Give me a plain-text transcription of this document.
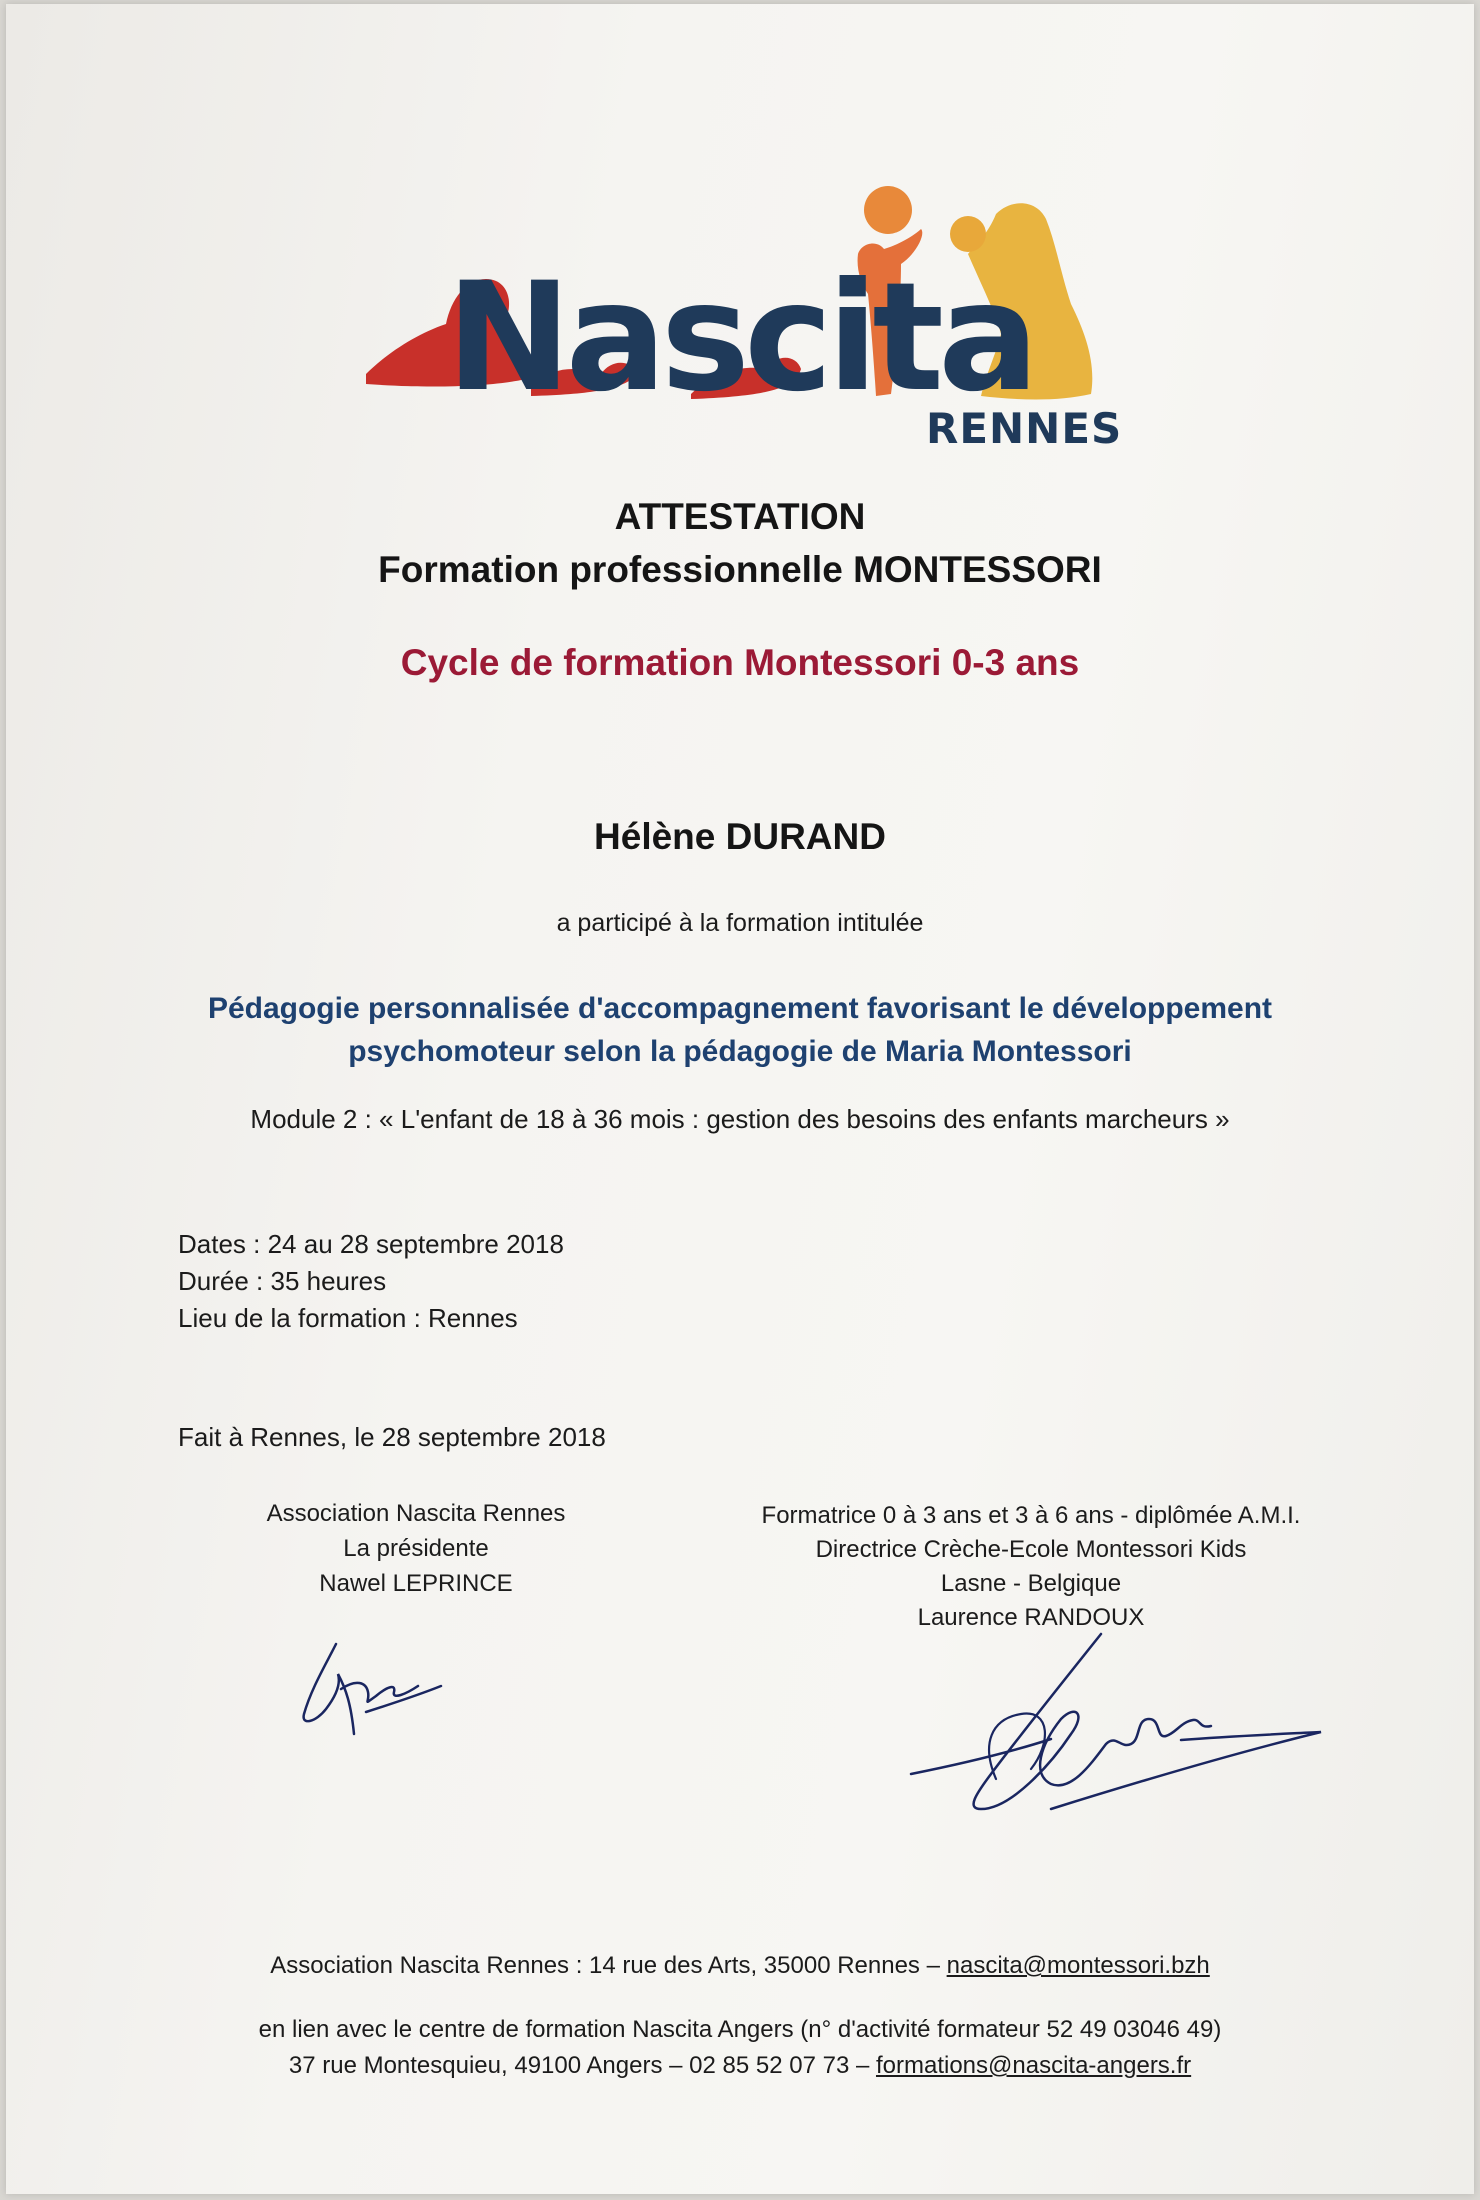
Nascita
RENNES
ATTESTATION
Formation professionnelle MONTESSORI
Cycle de formation Montessori 0-3 ans
Hélène DURAND
a participé à la formation intitulée
Pédagogie personnalisée d'accompagnement favorisant le développement
psychomoteur selon la pédagogie de Maria Montessori
Module 2 : « L'enfant de 18 à 36 mois : gestion des besoins des enfants marcheurs »
Dates : 24 au 28 septembre 2018
Durée : 35 heures
Lieu de la formation : Rennes
Fait à Rennes, le 28 septembre 2018
Association Nascita Rennes
La présidente
Nawel LEPRINCE
Formatrice 0 à 3 ans et 3 à 6 ans - diplômée A.M.I.
Directrice Crèche-Ecole Montessori Kids
Lasne - Belgique
Laurence RANDOUX
Association Nascita Rennes : 14 rue des Arts, 35000 Rennes – nascita@montessori.bzh
en lien avec le centre de formation Nascita Angers (n° d'activité formateur 52 49 03046 49)
37 rue Montesquieu, 49100 Angers – 02 85 52 07 73 – formations@nascita-angers.fr
